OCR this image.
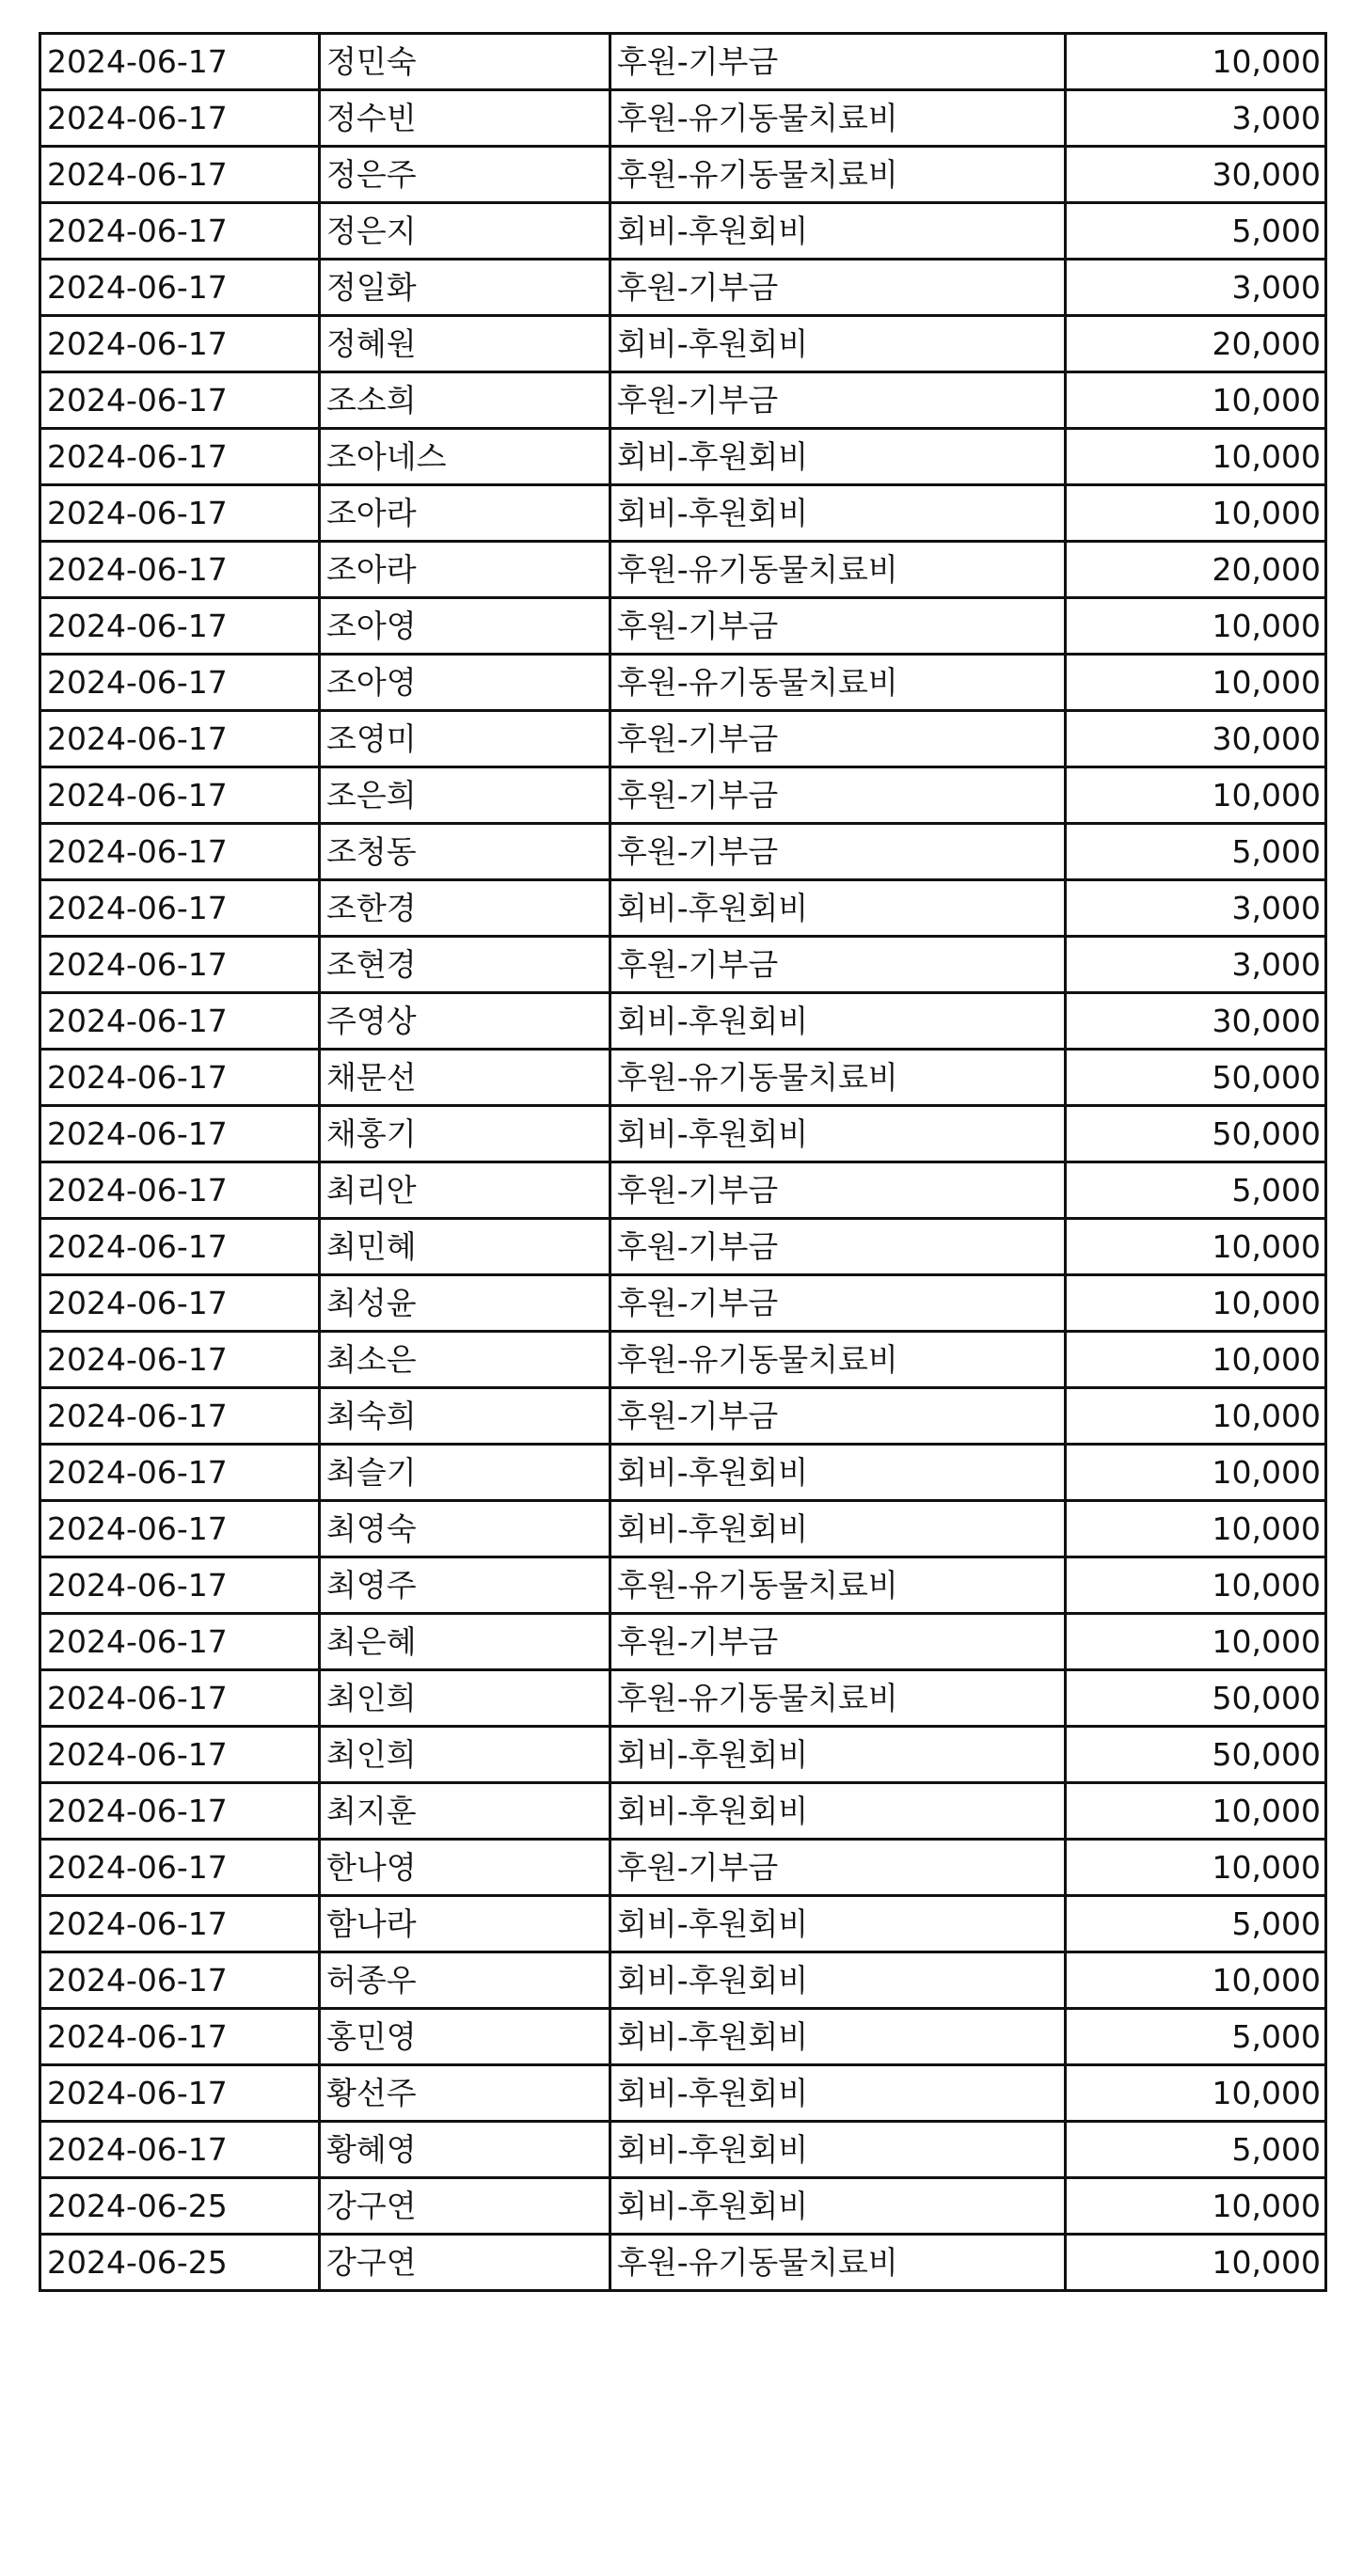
2024-06-17	정민숙	후원-기부금	10,000
2024-06-17	정수빈	후원-유기동물치료비	3,000
2024-06-17	정은주	후원-유기동물치료비	30,000
2024-06-17	정은지	회비-후원회비	5,000
2024-06-17	정일화	후원-기부금	3,000
2024-06-17	정혜원	회비-후원회비	20,000
2024-06-17	조소희	후원-기부금	10,000
2024-06-17	조아네스	회비-후원회비	10,000
2024-06-17	조아라	회비-후원회비	10,000
2024-06-17	조아라	후원-유기동물치료비	20,000
2024-06-17	조아영	후원-기부금	10,000
2024-06-17	조아영	후원-유기동물치료비	10,000
2024-06-17	조영미	후원-기부금	30,000
2024-06-17	조은희	후원-기부금	10,000
2024-06-17	조청동	후원-기부금	5,000
2024-06-17	조한경	회비-후원회비	3,000
2024-06-17	조현경	후원-기부금	3,000
2024-06-17	주영상	회비-후원회비	30,000
2024-06-17	채문선	후원-유기동물치료비	50,000
2024-06-17	채홍기	회비-후원회비	50,000
2024-06-17	최리안	후원-기부금	5,000
2024-06-17	최민혜	후원-기부금	10,000
2024-06-17	최성윤	후원-기부금	10,000
2024-06-17	최소은	후원-유기동물치료비	10,000
2024-06-17	최숙희	후원-기부금	10,000
2024-06-17	최슬기	회비-후원회비	10,000
2024-06-17	최영숙	회비-후원회비	10,000
2024-06-17	최영주	후원-유기동물치료비	10,000
2024-06-17	최은혜	후원-기부금	10,000
2024-06-17	최인희	후원-유기동물치료비	50,000
2024-06-17	최인희	회비-후원회비	50,000
2024-06-17	최지훈	회비-후원회비	10,000
2024-06-17	한나영	후원-기부금	10,000
2024-06-17	함나라	회비-후원회비	5,000
2024-06-17	허종우	회비-후원회비	10,000
2024-06-17	홍민영	회비-후원회비	5,000
2024-06-17	황선주	회비-후원회비	10,000
2024-06-17	황혜영	회비-후원회비	5,000
2024-06-25	강구연	회비-후원회비	10,000
2024-06-25	강구연	후원-유기동물치료비	10,000
